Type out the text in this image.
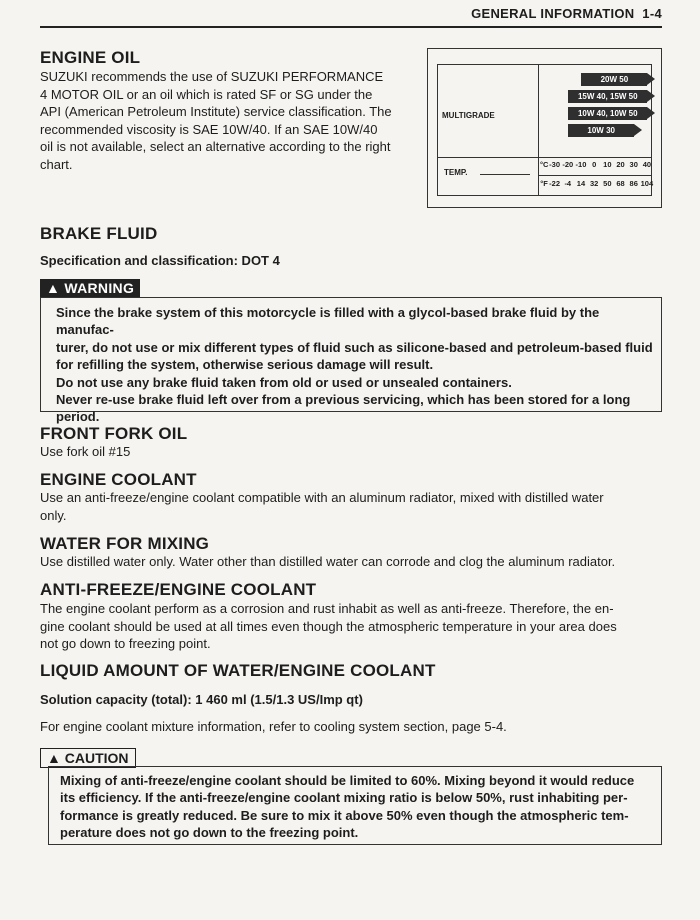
GENERAL INFORMATION 1-4
ENGINE OIL

SUZUKI recommends the use of SUZUKI PERFORMANCE

4 MOTOR OIL or an oil which is rated SF or SG under the

API (American Petroleum Institute) service classification. The

recommended viscosity is SAE 10W/40. If an SAE 10W/40

oil is not available, select an alternative according to the right

chart.

MULTIGRADE
TEMP.
20W 50
15W 40, 15W 50
10W 40, 10W 50
10W 30
°C -30 -20 -10 0 10 20 30 40
°F -22 -4 14 32 50 68 86 104
BRAKE FLUID

Specification and classification: DOT 4

▲ WARNING

Since the brake system of this motorcycle is filled with a glycol-based brake fluid by the manufac-

turer, do not use or mix different types of fluid such as silicone-based and petroleum-based fluid

for refilling the system, otherwise serious damage will result.

Do not use any brake fluid taken from old or used or unsealed containers.

Never re-use brake fluid left over from a previous servicing, which has been stored for a long

period.

FRONT FORK OIL

Use fork oil #15

ENGINE COOLANT

Use an anti-freeze/engine coolant compatible with an aluminum radiator, mixed with distilled water

only.

WATER FOR MIXING

Use distilled water only. Water other than distilled water can corrode and clog the aluminum radiator.

ANTI-FREEZE/ENGINE COOLANT

The engine coolant perform as a corrosion and rust inhabit as well as anti-freeze. Therefore, the en-

gine coolant should be used at all times even though the atmospheric temperature in your area does

not go down to freezing point.

LIQUID AMOUNT OF WATER/ENGINE COOLANT

Solution capacity (total): 1 460 ml (1.5/1.3 US/Imp qt)

For engine coolant mixture information, refer to cooling system section, page 5-4.

▲ CAUTION

Mixing of anti-freeze/engine coolant should be limited to 60%. Mixing beyond it would reduce

its efficiency. If the anti-freeze/engine coolant mixing ratio is below 50%, rust inhabiting per-

formance is greatly reduced. Be sure to mix it above 50% even though the atmospheric tem-

perature does not go down to the freezing point.
